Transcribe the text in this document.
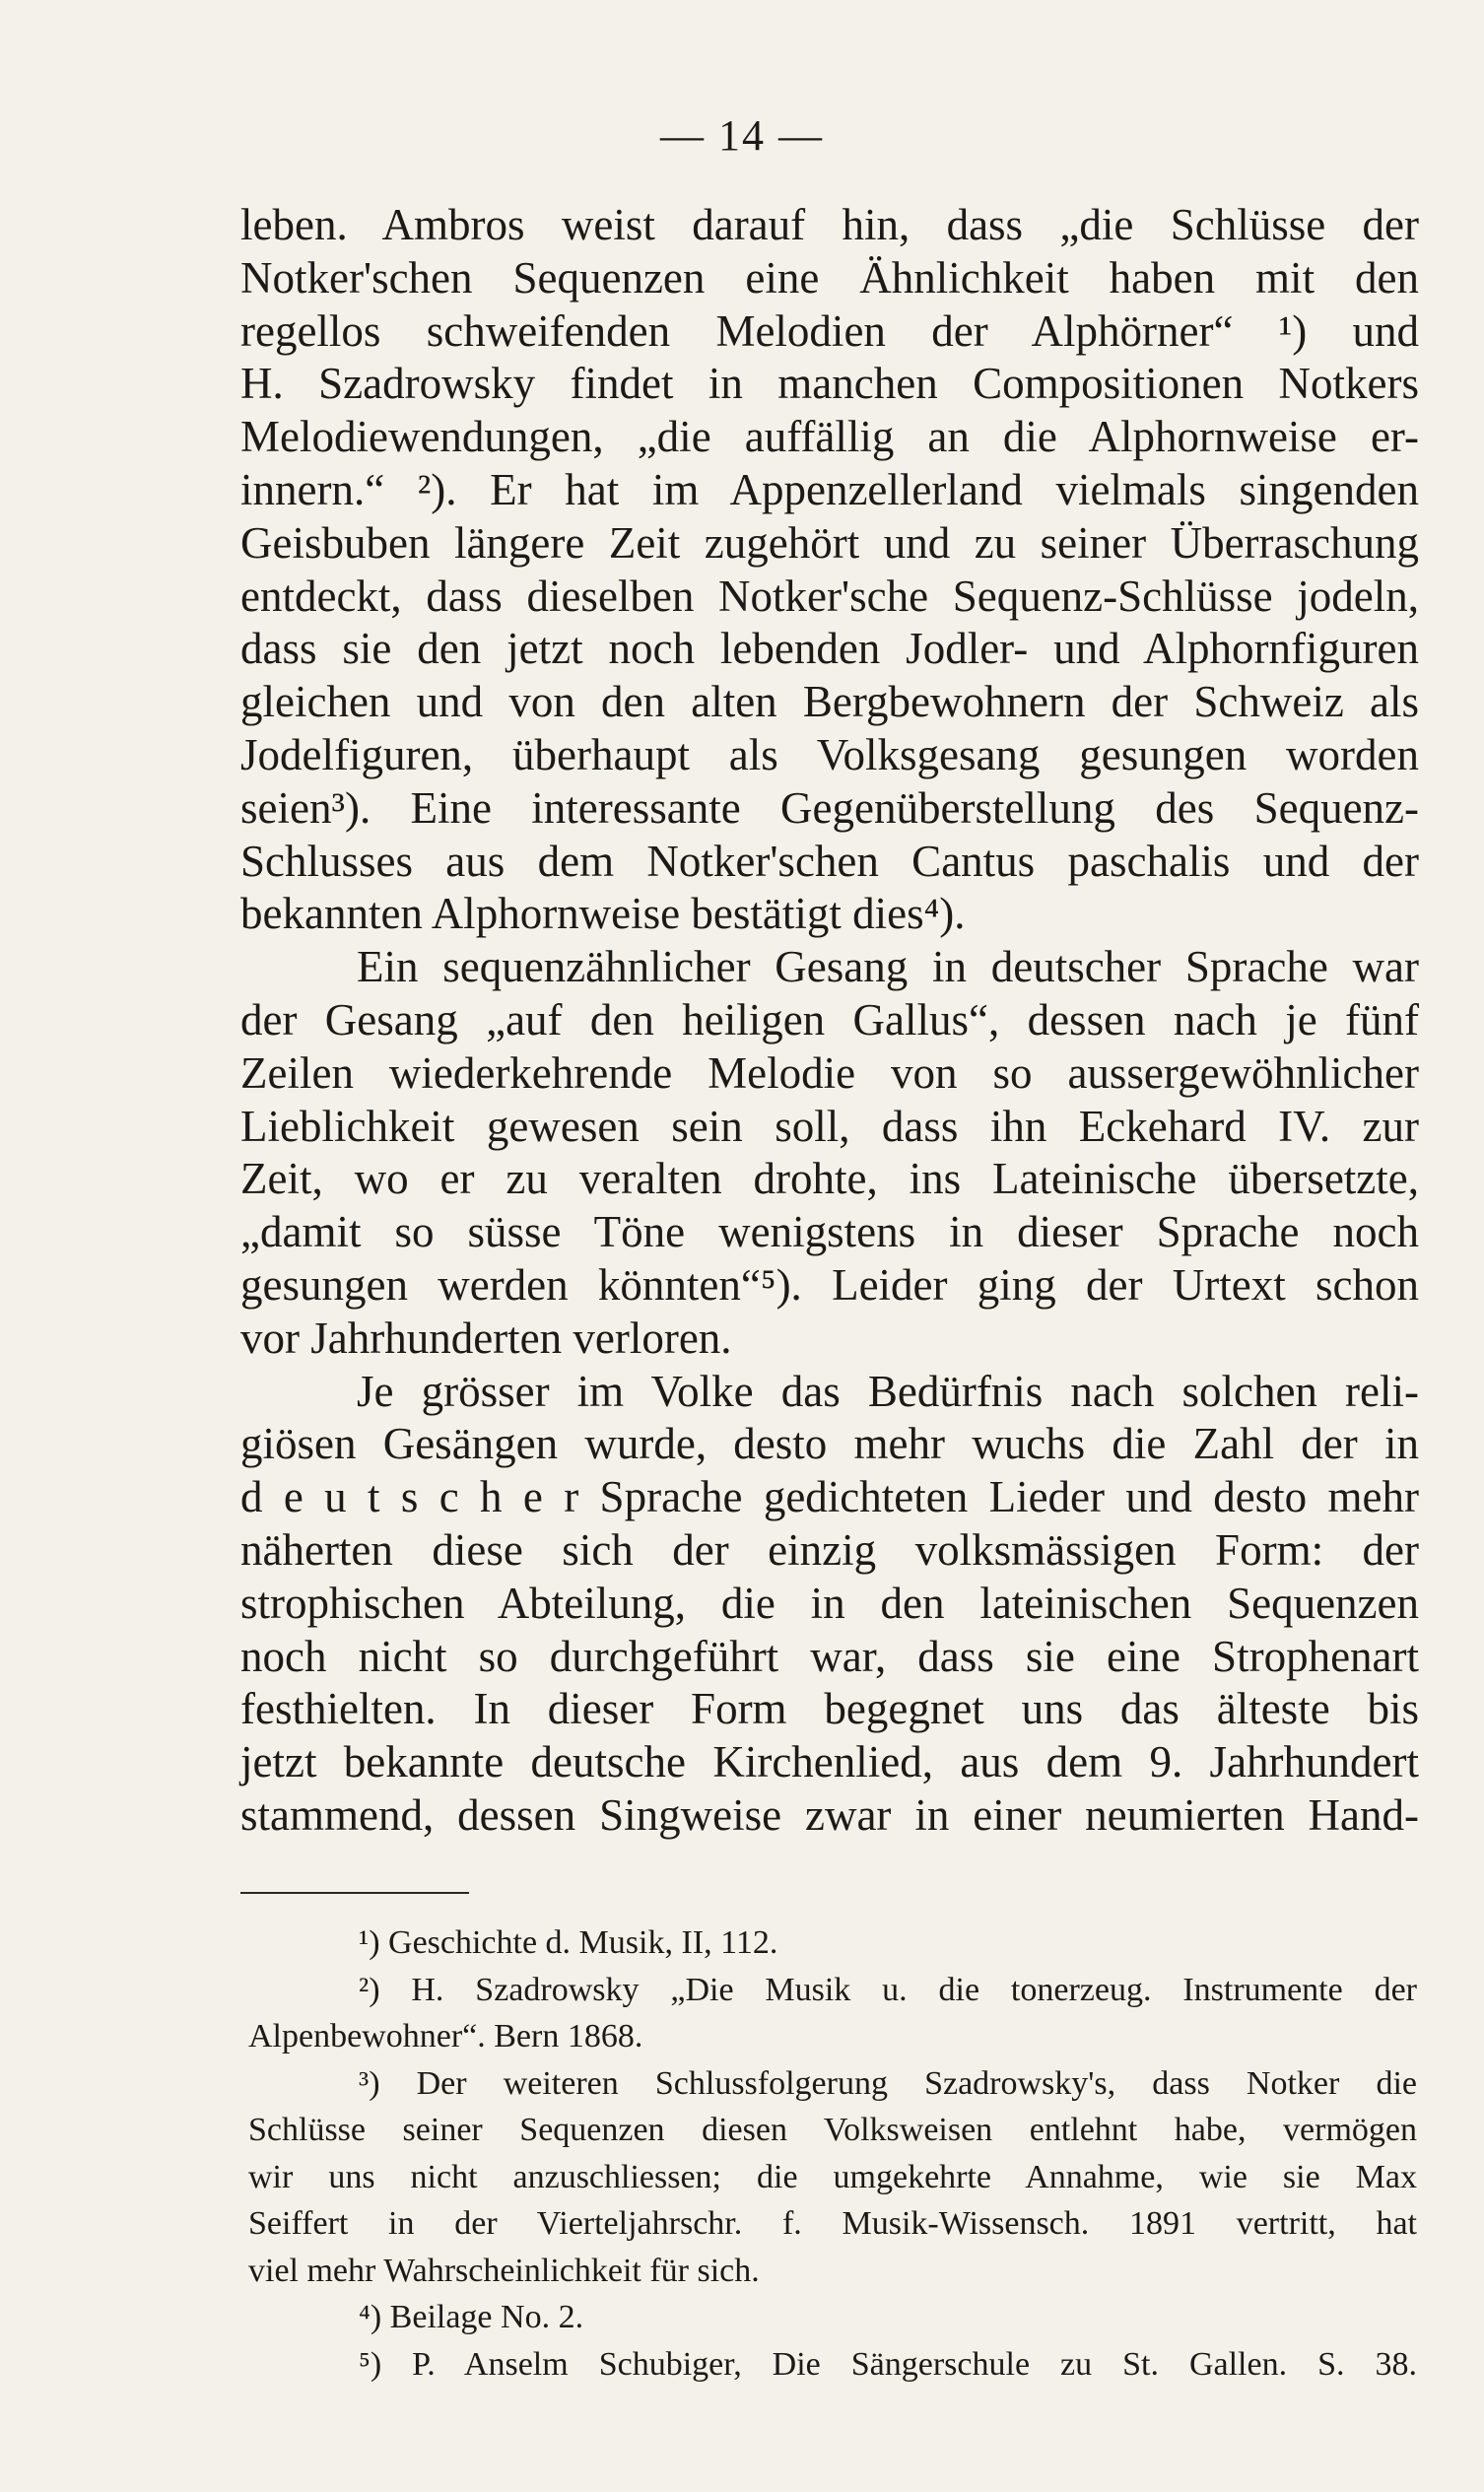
— 14 —
leben. Ambros weist darauf hin, dass „die Schlüsse der
Notker'schen Sequenzen eine Ähnlichkeit haben mit den
regellos schweifenden Melodien der Alphörner“ ¹) und
H. Szadrowsky findet in manchen Compositionen Notkers
Melodiewendungen, „die auffällig an die Alphornweise er-
innern.“ ²). Er hat im Appenzellerland vielmals singenden
Geisbuben längere Zeit zugehört und zu seiner Überraschung
entdeckt, dass dieselben Notker'sche Sequenz-Schlüsse jodeln,
dass sie den jetzt noch lebenden Jodler- und Alphornfiguren
gleichen und von den alten Bergbewohnern der Schweiz als
Jodelfiguren, überhaupt als Volksgesang gesungen worden
seien³). Eine interessante Gegenüberstellung des Sequenz-
Schlusses aus dem Notker'schen Cantus paschalis und der
bekannten Alphornweise bestätigt dies⁴).
Ein sequenzähnlicher Gesang in deutscher Sprache war
der Gesang „auf den heiligen Gallus“, dessen nach je fünf
Zeilen wiederkehrende Melodie von so aussergewöhnlicher
Lieblichkeit gewesen sein soll, dass ihn Eckehard IV. zur
Zeit, wo er zu veralten drohte, ins Lateinische übersetzte,
„damit so süsse Töne wenigstens in dieser Sprache noch
gesungen werden könnten“⁵). Leider ging der Urtext schon
vor Jahrhunderten verloren.
Je grösser im Volke das Bedürfnis nach solchen reli-
giösen Gesängen wurde, desto mehr wuchs die Zahl der in
d e u t s c h e r Sprache gedichteten Lieder und desto mehr
näherten diese sich der einzig volksmässigen Form: der
strophischen Abteilung, die in den lateinischen Sequenzen
noch nicht so durchgeführt war, dass sie eine Strophenart
festhielten. In dieser Form begegnet uns das älteste bis
jetzt bekannte deutsche Kirchenlied, aus dem 9. Jahrhundert
stammend, dessen Singweise zwar in einer neumierten Hand-
¹) Geschichte d. Musik, II, 112.
²) H. Szadrowsky „Die Musik u. die tonerzeug. Instrumente der
Alpenbewohner“. Bern 1868.
³) Der weiteren Schlussfolgerung Szadrowsky's, dass Notker die
Schlüsse seiner Sequenzen diesen Volksweisen entlehnt habe, vermögen
wir uns nicht anzuschliessen; die umgekehrte Annahme, wie sie Max
Seiffert in der Vierteljahrschr. f. Musik-Wissensch. 1891 vertritt, hat
viel mehr Wahrscheinlichkeit für sich.
⁴) Beilage No. 2.
⁵) P. Anselm Schubiger, Die Sängerschule zu St. Gallen. S. 38.
